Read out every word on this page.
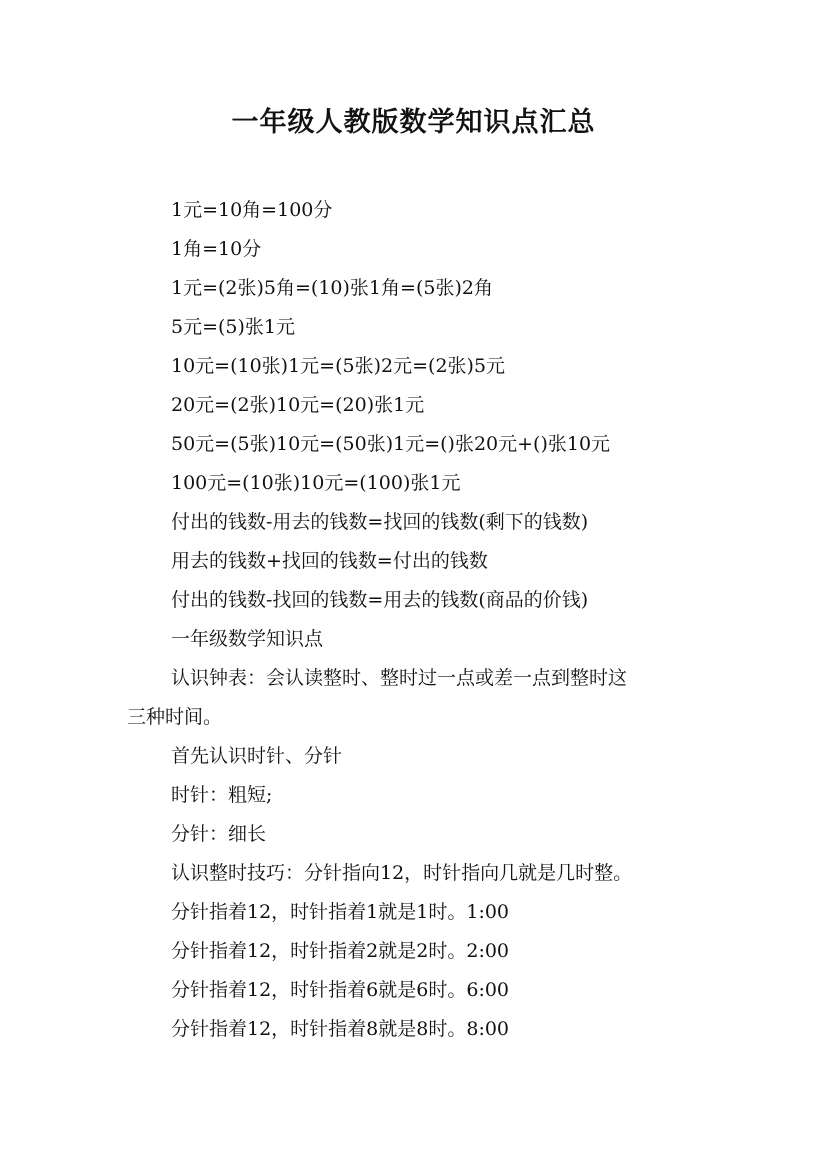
一年级人教版数学知识点汇总
1元=10角=100分
1角=10分
1元=(2张)5角=(10)张1角=(5张)2角
5元=(5)张1元
10元=(10张)1元=(5张)2元=(2张)5元
20元=(2张)10元=(20)张1元
50元=(5张)10元=(50张)1元=()张20元+()张10元
100元=(10张)10元=(100)张1元
付出的钱数-用去的钱数=找回的钱数(剩下的钱数)
用去的钱数+找回的钱数=付出的钱数
付出的钱数-找回的钱数=用去的钱数(商品的价钱)
一年级数学知识点
认识钟表：会认读整时、整时过一点或差一点到整时这
三种时间。
首先认识时针、分针
时针：粗短;
分针：细长
认识整时技巧：分针指向12，时针指向几就是几时整。
分针指着12，时针指着1就是1时。1:00
分针指着12，时针指着2就是2时。2:00
分针指着12，时针指着6就是6时。6:00
分针指着12，时针指着8就是8时。8:00
